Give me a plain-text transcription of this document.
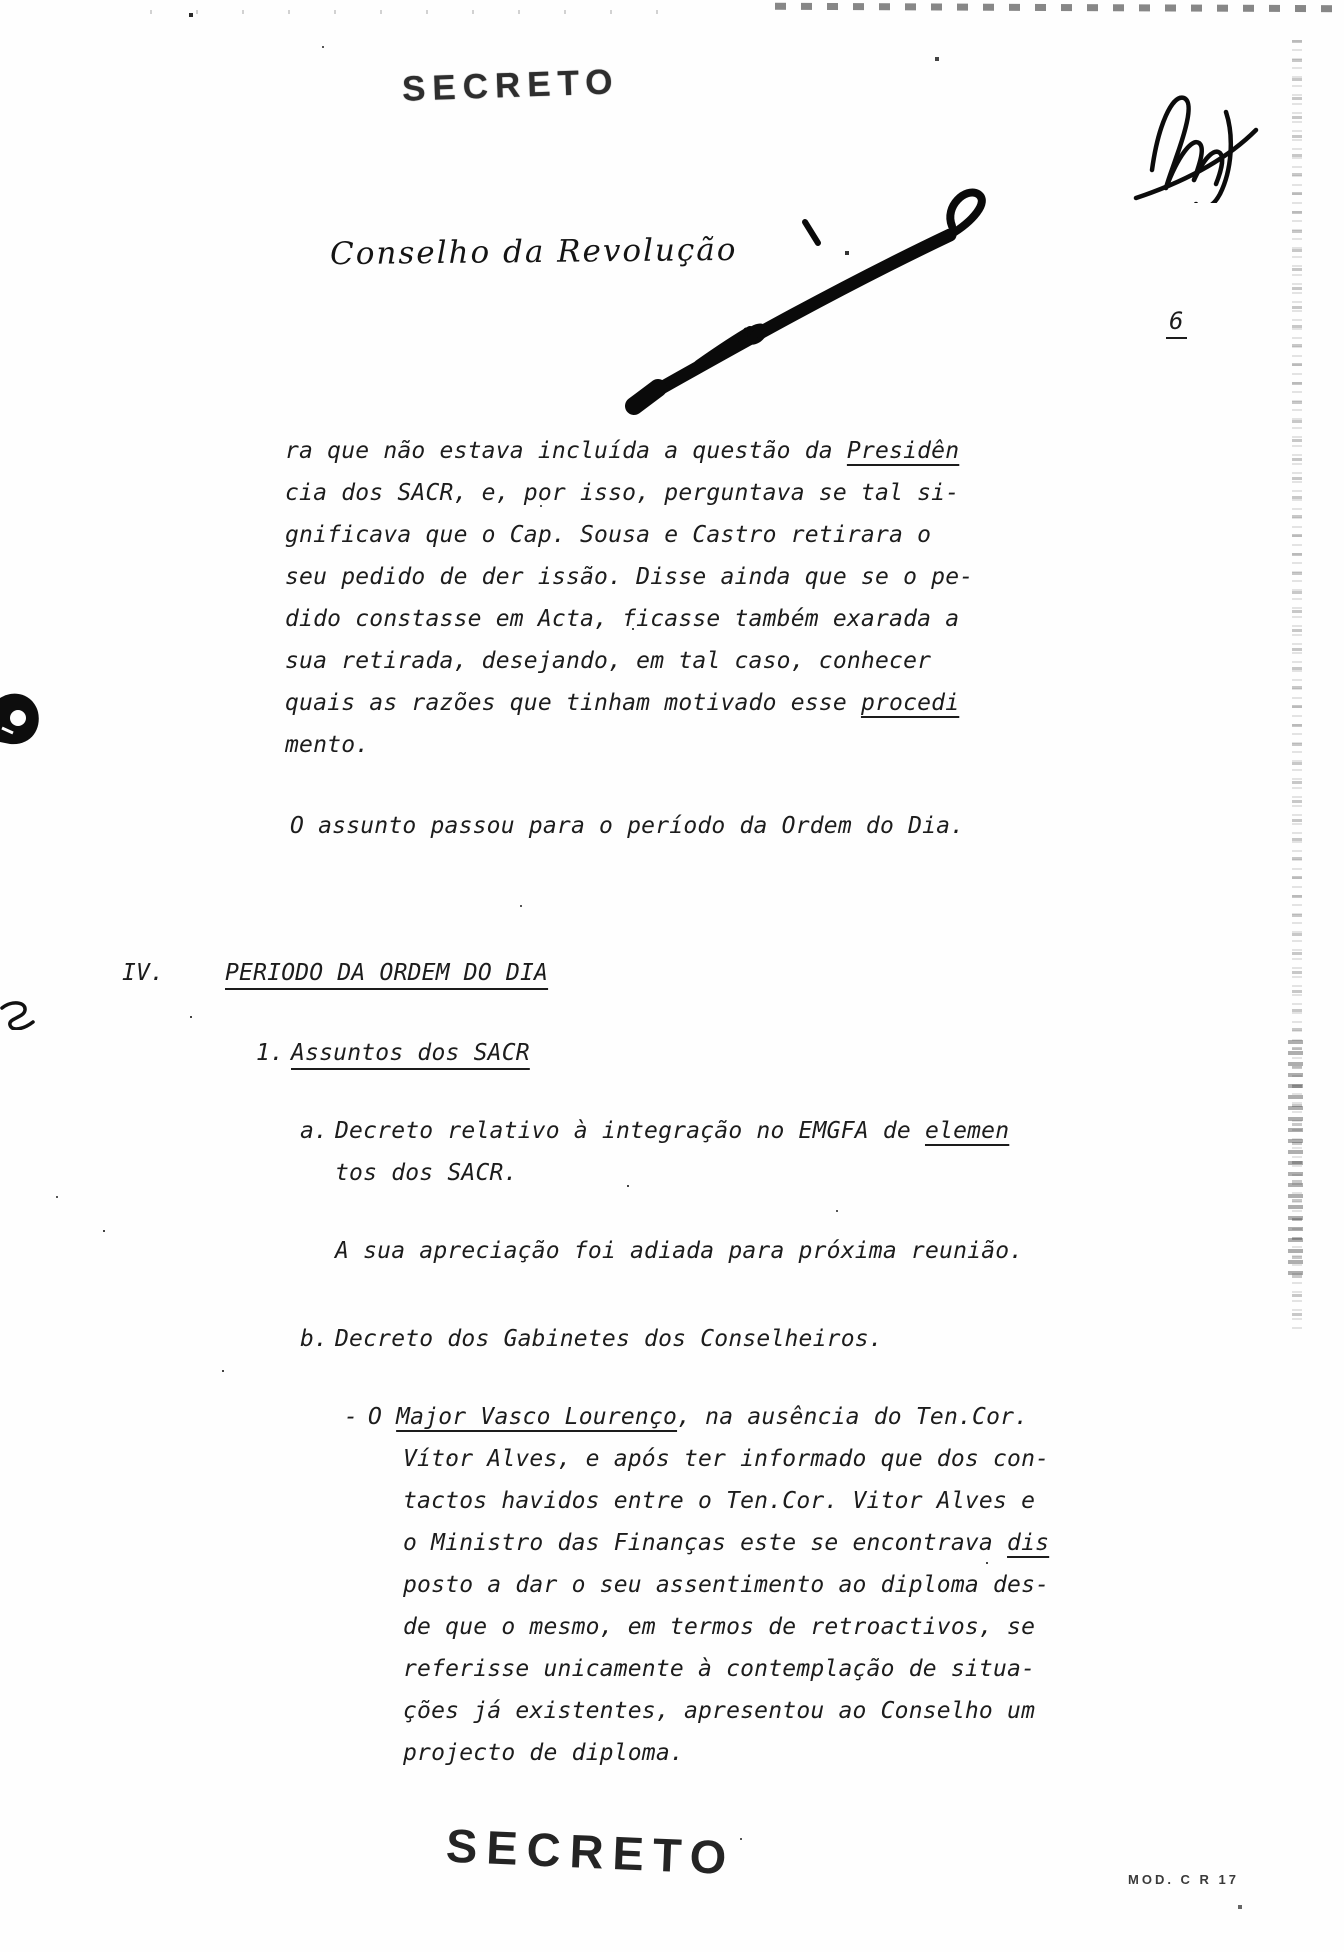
SECRETO
Conselho da Revolução
6
ra que não estava incluída a questão da Presidên
cia dos SACR, e, por isso, perguntava se tal si-
gnificava que o Cap. Sousa e Castro retirara o
seu pedido de der issão. Disse ainda que se o pe-
dido constasse em Acta, ficasse também exarada a
sua retirada, desejando, em tal caso, conhecer
quais as razões que tinham motivado esse procedi
mento.
O assunto passou para o período da Ordem do Dia.
IV.	PERIODO DA ORDEM DO DIA
1. Assuntos dos SACR
a. Decreto relativo à integração no EMGFA de elemen
tos dos SACR.
A sua apreciação foi adiada para próxima reunião.
b. Decreto dos Gabinetes dos Conselheiros.
- O Major Vasco Lourenço, na ausência do Ten.Cor.
Vítor Alves, e após ter informado que dos con-
tactos havidos entre o Ten.Cor. Vitor Alves e
o Ministro das Finanças este se encontrava dis
posto a dar o seu assentimento ao diploma des-
de que o mesmo, em termos de retroactivos, se
referisse unicamente à contemplação de situa-
ções já existentes, apresentou ao Conselho um
projecto de diploma.
SECRETO	MOD. C R 17
